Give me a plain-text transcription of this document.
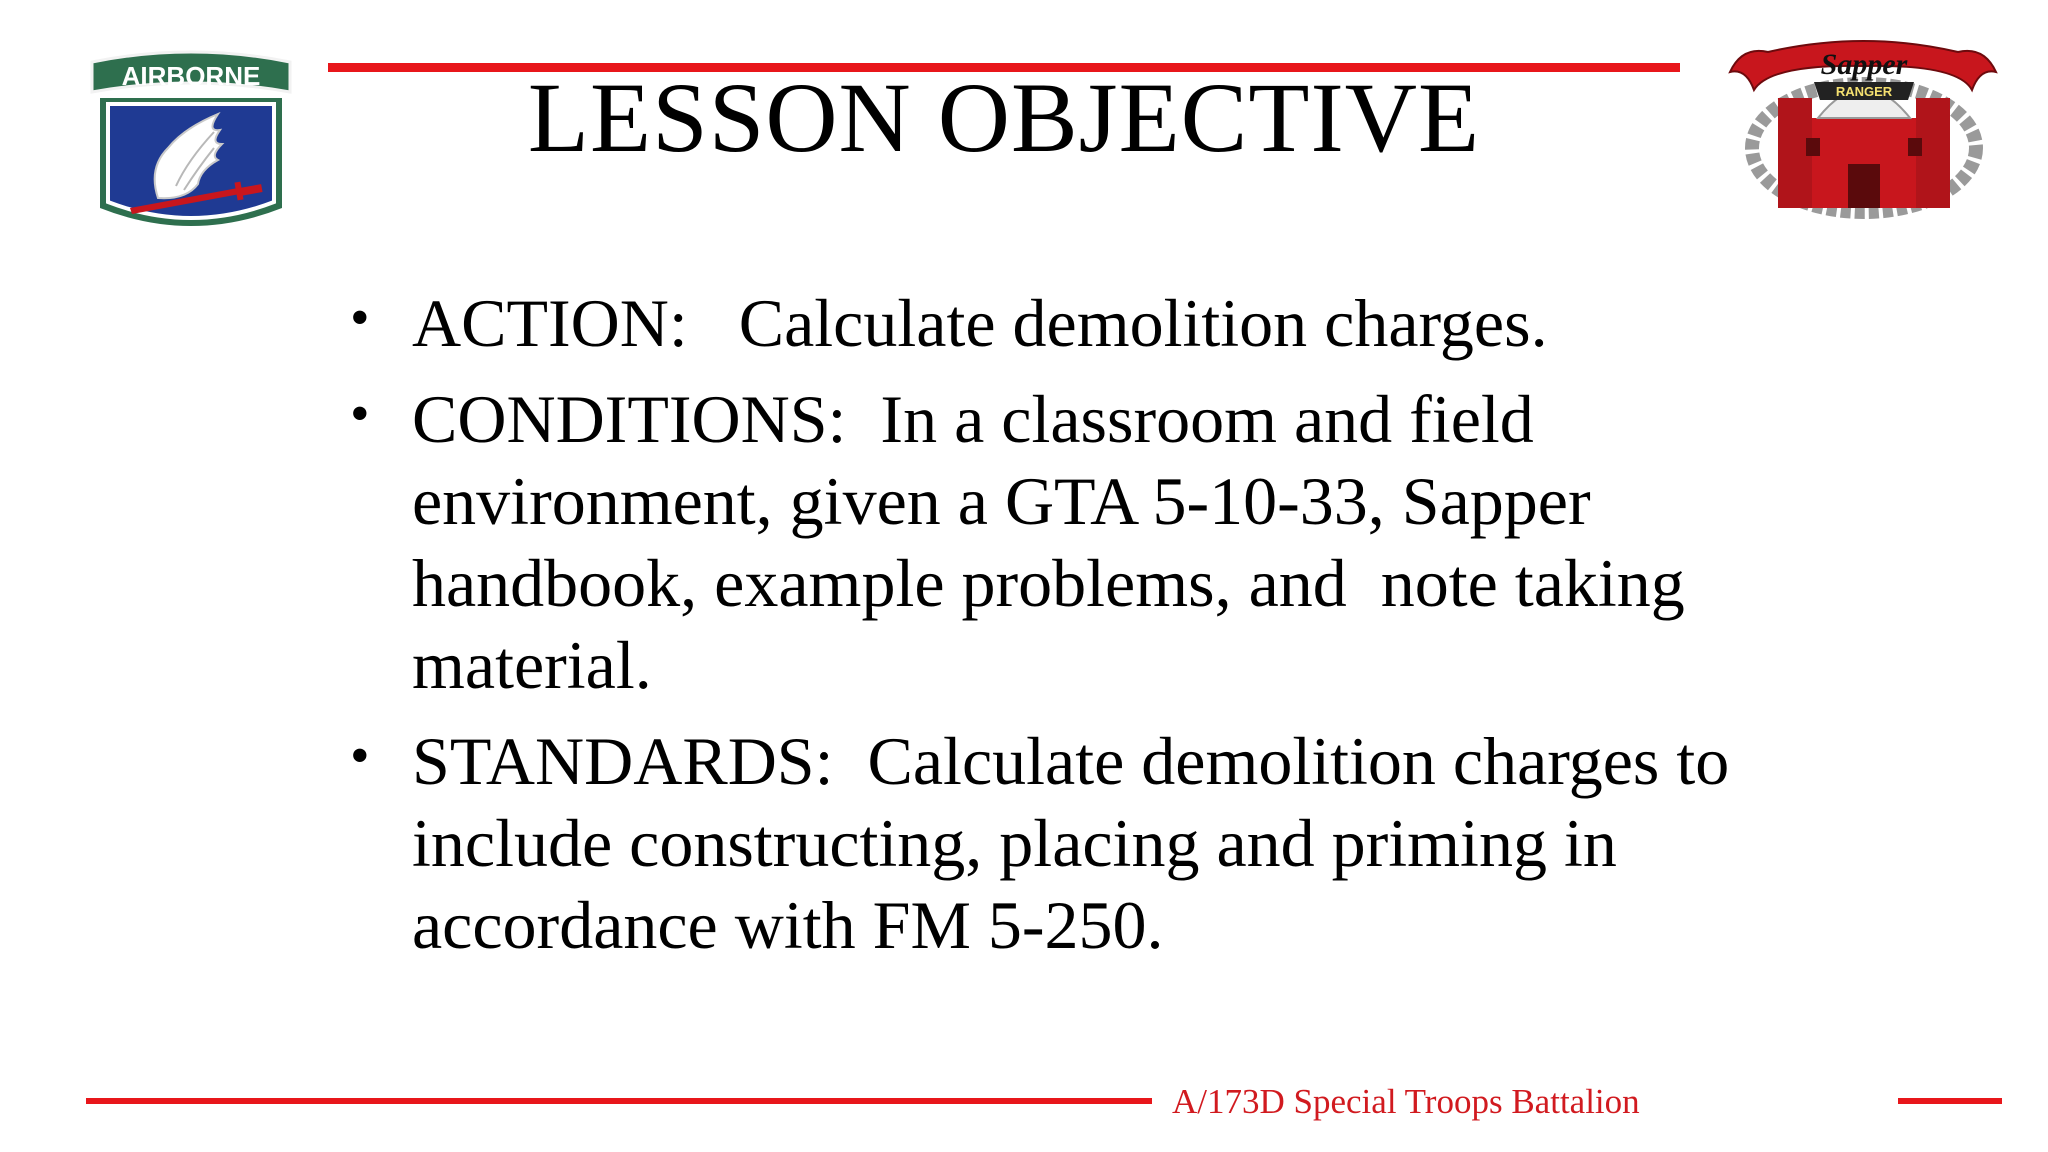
AIRBORNE	LESSON OBJECTIVE	RANGER
Sapper
• ACTION:   Calculate demolition charges.
• CONDITIONS:  In a classroom and field environment, given a GTA 5-10-33, Sapper handbook, example problems, and  note taking material.
• STANDARDS:  Calculate demolition charges to include constructing, placing and priming in accordance with FM 5-250.
A/173D Special Troops Battalion
